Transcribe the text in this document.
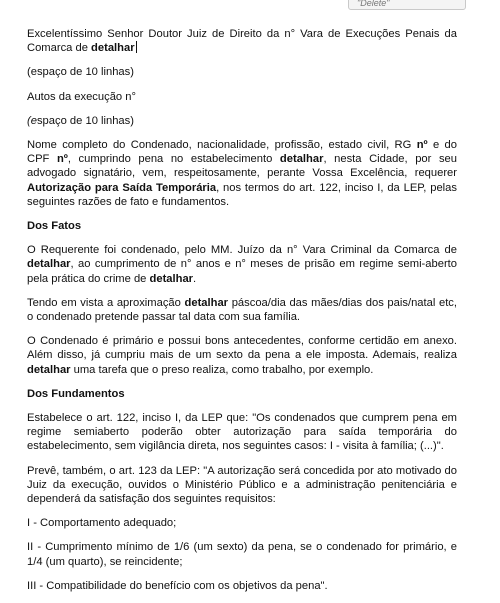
"Delete"

Excelentíssimo Senhor Doutor Juiz de Direito da n° Vara de Execuções Penais da Comarca de detalhar

(espaço de 10 linhas)

Autos da execução n°

(espaço de 10 linhas)

Nome completo do Condenado, nacionalidade, profissão, estado civil, RG nº e do CPF nº, cumprindo pena no estabelecimento detalhar, nesta Cidade, por seu advogado signatário, vem, respeitosamente, perante Vossa Excelência, requerer Autorização para Saída Temporária, nos termos do art. 122, inciso I, da LEP, pelas seguintes razões de fato e fundamentos.

Dos Fatos

O Requerente foi condenado, pelo MM. Juízo da n° Vara Criminal da Comarca de detalhar, ao cumprimento de n° anos e n° meses de prisão em regime semi-aberto pela prática do crime de detalhar.

Tendo em vista a aproximação detalhar páscoa/dia das mães/dias dos pais/natal etc, o condenado pretende passar tal data com sua família.

O Condenado é primário e possui bons antecedentes, conforme certidão em anexo. Além disso, já cumpriu mais de um sexto da pena a ele imposta. Ademais, realiza detalhar uma tarefa que o preso realiza, como trabalho, por exemplo.

Dos Fundamentos

Estabelece o art. 122, inciso I, da LEP que: "Os condenados que cumprem pena em regime semiaberto poderão obter autorização para saída temporária do estabelecimento, sem vigilância direta, nos seguintes casos: I - visita à família; (...)".

Prevê, também, o art. 123 da LEP: "A autorização será concedida por ato motivado do Juiz da execução, ouvidos o Ministério Público e a administração penitenciária e dependerá da satisfação dos seguintes requisitos:

I - Comportamento adequado;

II - Cumprimento mínimo de 1/6 (um sexto) da pena, se o condenado for primário, e 1/4 (um quarto), se reincidente;

III - Compatibilidade do benefício com os objetivos da pena".
